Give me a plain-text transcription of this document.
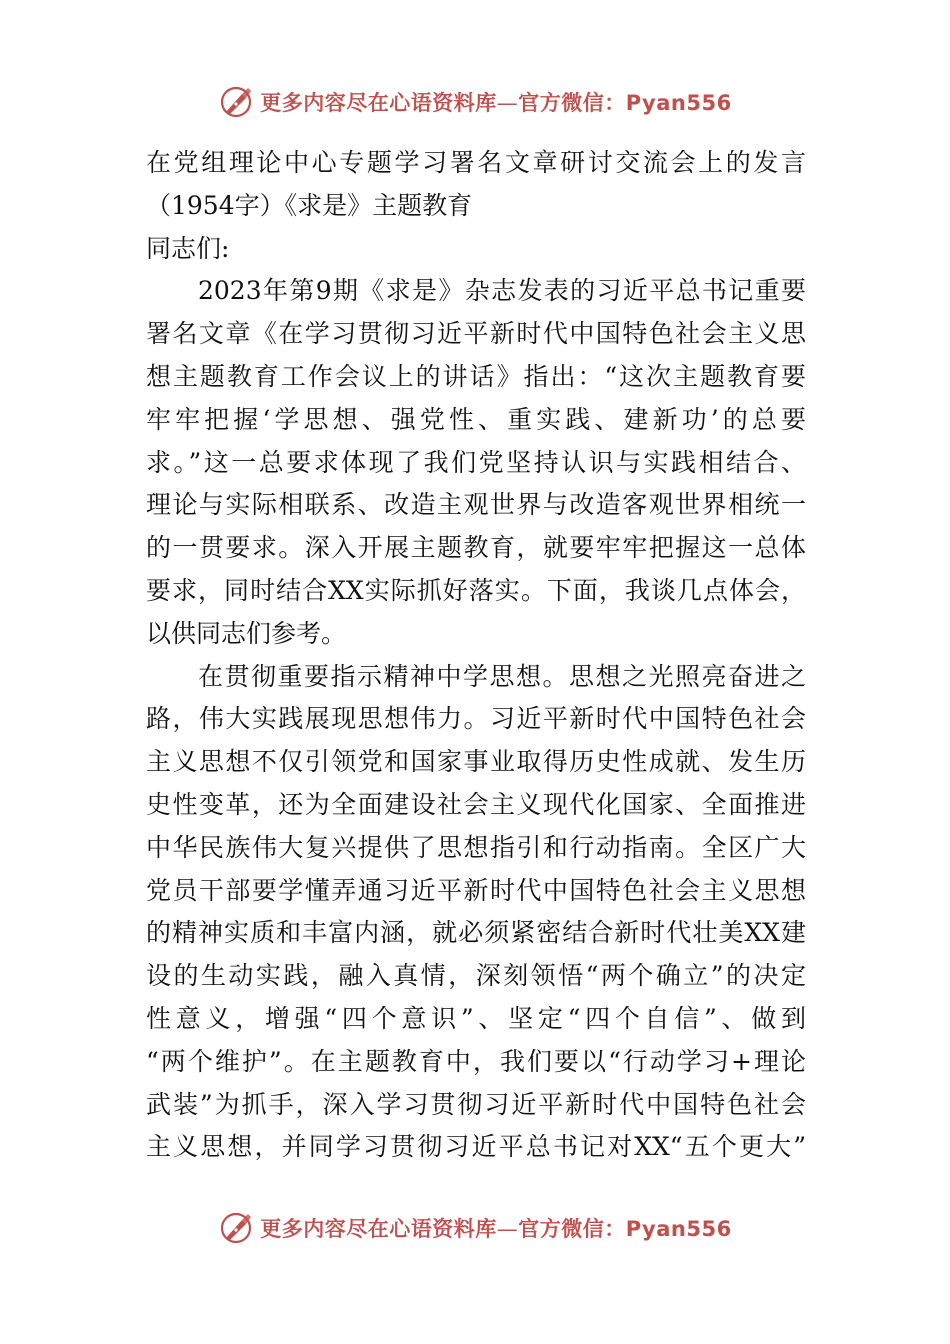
更多内容尽在心语资料库—官方微信：Pyan556
在党组理论中心专题学习署名文章研讨交流会上的发言
（1954字）《求是》主题教育
同志们:
2023年第9期《求是》杂志发表的习近平总书记重要
署名文章《在学习贯彻习近平新时代中国特色社会主义思
想主题教育工作会议上的讲话》指出：“这次主题教育要
牢牢把握‘学思想、强党性、重实践、建新功’的总要
求。”这一总要求体现了我们党坚持认识与实践相结合、
理论与实际相联系、改造主观世界与改造客观世界相统一
的一贯要求。深入开展主题教育，就要牢牢把握这一总体
要求，同时结合XX实际抓好落实。下面，我谈几点体会，
以供同志们参考。
在贯彻重要指示精神中学思想。思想之光照亮奋进之
路，伟大实践展现思想伟力。习近平新时代中国特色社会
主义思想不仅引领党和国家事业取得历史性成就、发生历
史性变革，还为全面建设社会主义现代化国家、全面推进
中华民族伟大复兴提供了思想指引和行动指南。全区广大
党员干部要学懂弄通习近平新时代中国特色社会主义思想
的精神实质和丰富内涵，就必须紧密结合新时代壮美XX建
设的生动实践，融入真情，深刻领悟“两个确立”的决定
性意义，增强“四个意识”、坚定“四个自信”、做到
“两个维护”。在主题教育中，我们要以“行动学习+理论
武装”为抓手，深入学习贯彻习近平新时代中国特色社会
主义思想，并同学习贯彻习近平总书记对XX“五个更大”
更多内容尽在心语资料库—官方微信：Pyan556
